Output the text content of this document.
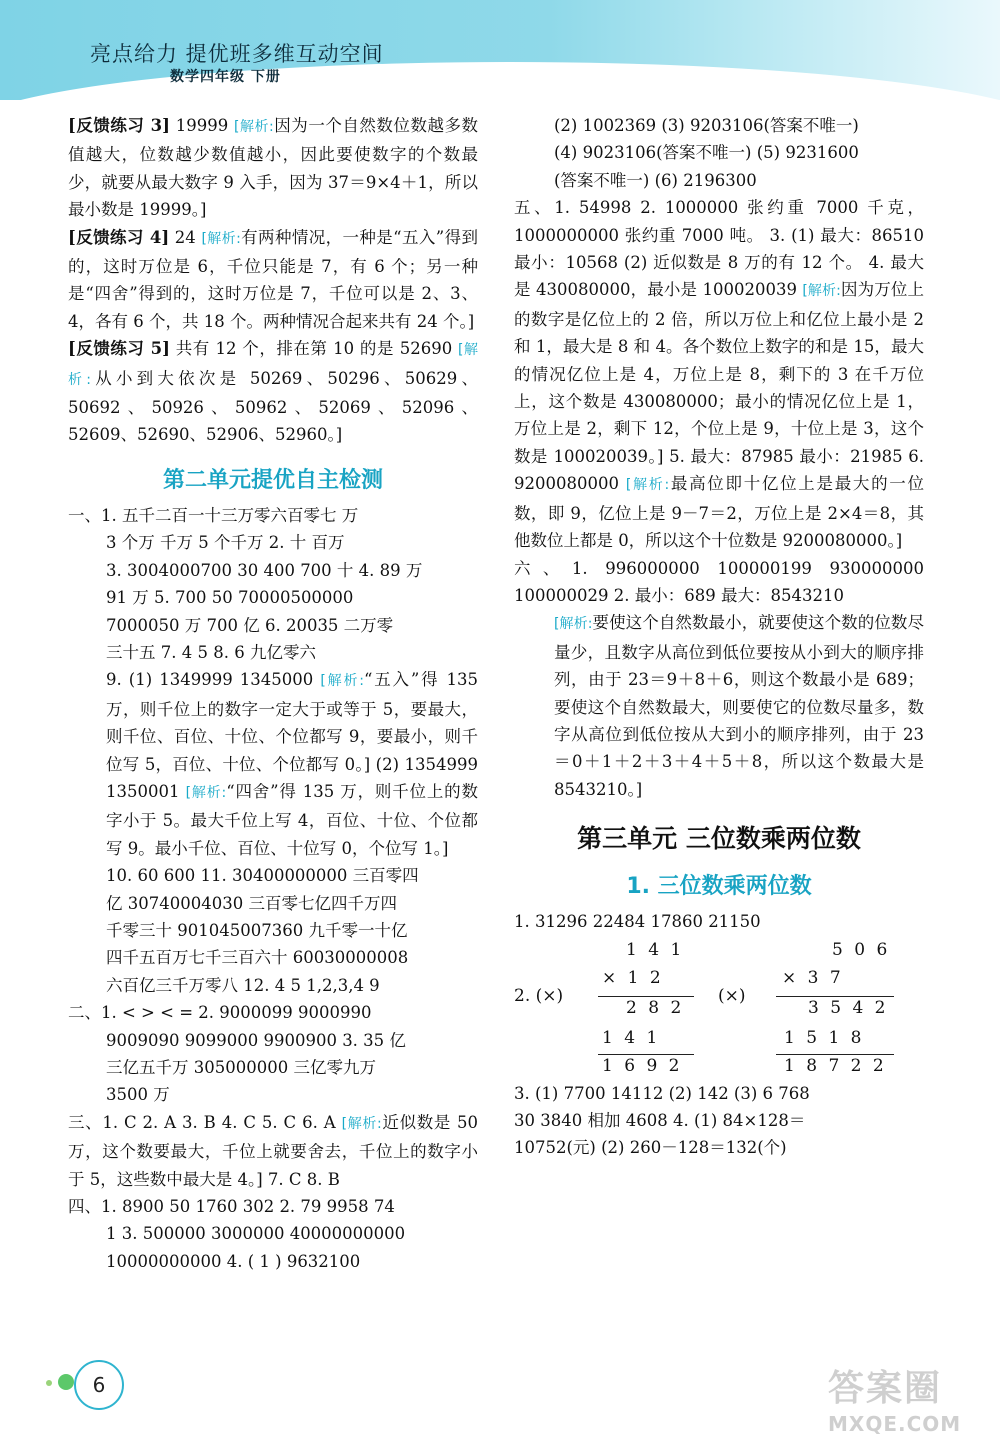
亮点给力 提优班多维互动空间
数学四年级 下册

[反馈练习 3] 19999 [解析:因为一个自然数位数越多数值越大，位数越少数值越小，因此要使数字的个数最少，就要从最大数字 9 入手，因为 37＝9×4＋1，所以最小数是 19999。]

[反馈练习 4] 24 [解析:有两种情况，一种是“五入”得到的，这时万位是 6，千位只能是 7，有 6 个；另一种是“四舍”得到的，这时万位是 7，千位可以是 2、3、4，各有 6 个，共 18 个。两种情况合起来共有 24 个。]

[反馈练习 5] 共有 12 个，排在第 10 的是 52690 [解析:从小到大依次是 50269、50296、50629、50692、50926、50962、52069、52096、52609、52690、52906、52960。]

第二单元提优自主检测

一、1. 五千二百一十三万零六百零七 万

3 个万 千万 5 个千万 2. 十 百万

3. 3004000700 30 400 700 十 4. 89 万

91 万 5. 700 50 70000500000

7000050 万 700 亿 6. 20035 二万零

三十五 7. 4 5 8. 6 九亿零六

9. (1) 1349999 1345000 [解析:“五入”得 135 万，则千位上的数字一定大于或等于 5，要最大，则千位、百位、十位、个位都写 9，要最小，则千位写 5，百位、十位、个位都写 0。] (2) 1354999 1350001 [解析:“四舍”得 135 万，则千位上的数字小于 5。最大千位上写 4，百位、十位、个位都写 9。最小千位、百位、十位写 0，个位写 1。]

10. 60 600 11. 30400000000 三百零四

亿 30740004030 三百零七亿四千万四

千零三十 901045007360 九千零一十亿

四千五百万七千三百六十 60030000008

六百亿三千万零八 12. 4 5 1,2,3,4 9

二、1. < > < = 2. 9000099 9000990

9009090 9099000 9900900 3. 35 亿

三亿五千万 305000000 三亿零九万

3500 万

三、1. C 2. A 3. B 4. C 5. C 6. A [解析:近似数是 50 万，这个数要最大，千位上就要舍去，千位上的数字小于 5，这些数中最大是 4。] 7. C 8. B

四、1. 8900 50 1760 302 2. 79 9958 74

1 3. 500000 3000000 40000000000

10000000000 4. ( 1 ) 9632100

(2) 1002369 (3) 9203106(答案不唯一)

(4) 9023106(答案不唯一) (5) 9231600

(答案不唯一) (6) 2196300

五、1. 54998 2. 1000000 张约重 7000 千克，1000000000 张约重 7000 吨。 3. (1) 最大：86510 最小：10568 (2) 近似数是 8 万的有 12 个。 4. 最大是 430080000，最小是 100020039 [解析:因为万位上的数字是亿位上的 2 倍，所以万位上和亿位上最小是 2 和 1，最大是 8 和 4。各个数位上数字的和是 15，最大的情况亿位上是 4，万位上是 8，剩下的 3 在千万位上，这个数是 430080000；最小的情况亿位上是 1，万位上是 2，剩下 12，个位上是 9，十位上是 3，这个数是 100020039。] 5. 最大：87985 最小：21985 6. 9200080000 [解析:最高位即十亿位上是最大的一位数，即 9，亿位上是 9－7＝2，万位上是 2×4＝8，其他数位上都是 0，所以这个十位数是 9200080000。]

六、1. 996000000 100000199 930000000 100000029 2. 最小：689 最大：8543210

[解析:要使这个自然数最小，就要使这个数的位数尽量少，且数字从高位到低位要按从小到大的顺序排列，由于 23＝9＋8＋6，则这个数最小是 689；要使这个自然数最大，则要使它的位数尽量多，数字从高位到低位按从大到小的顺序排列，由于 23＝0＋1＋2＋3＋4＋5＋8，所以这个数最大是 8543210。]

第三单元 三位数乘两位数
1. 三位数乘两位数

1. 31296 22484 17860 21150

2. (×)
1 4 1
× 1 2
2 8 2
1 4 1
1 6 9 2
(×)
5 0 6
× 3 7
3 5 4 2
1 5 1 8
1 8 7 2 2

3. (1) 7700 14112 (2) 142 (3) 6 768

30 3840 相加 4608 4. (1) 84×128＝

10752(元) (2) 260－128＝132(个)

6	答案圈
MXQE.COM
